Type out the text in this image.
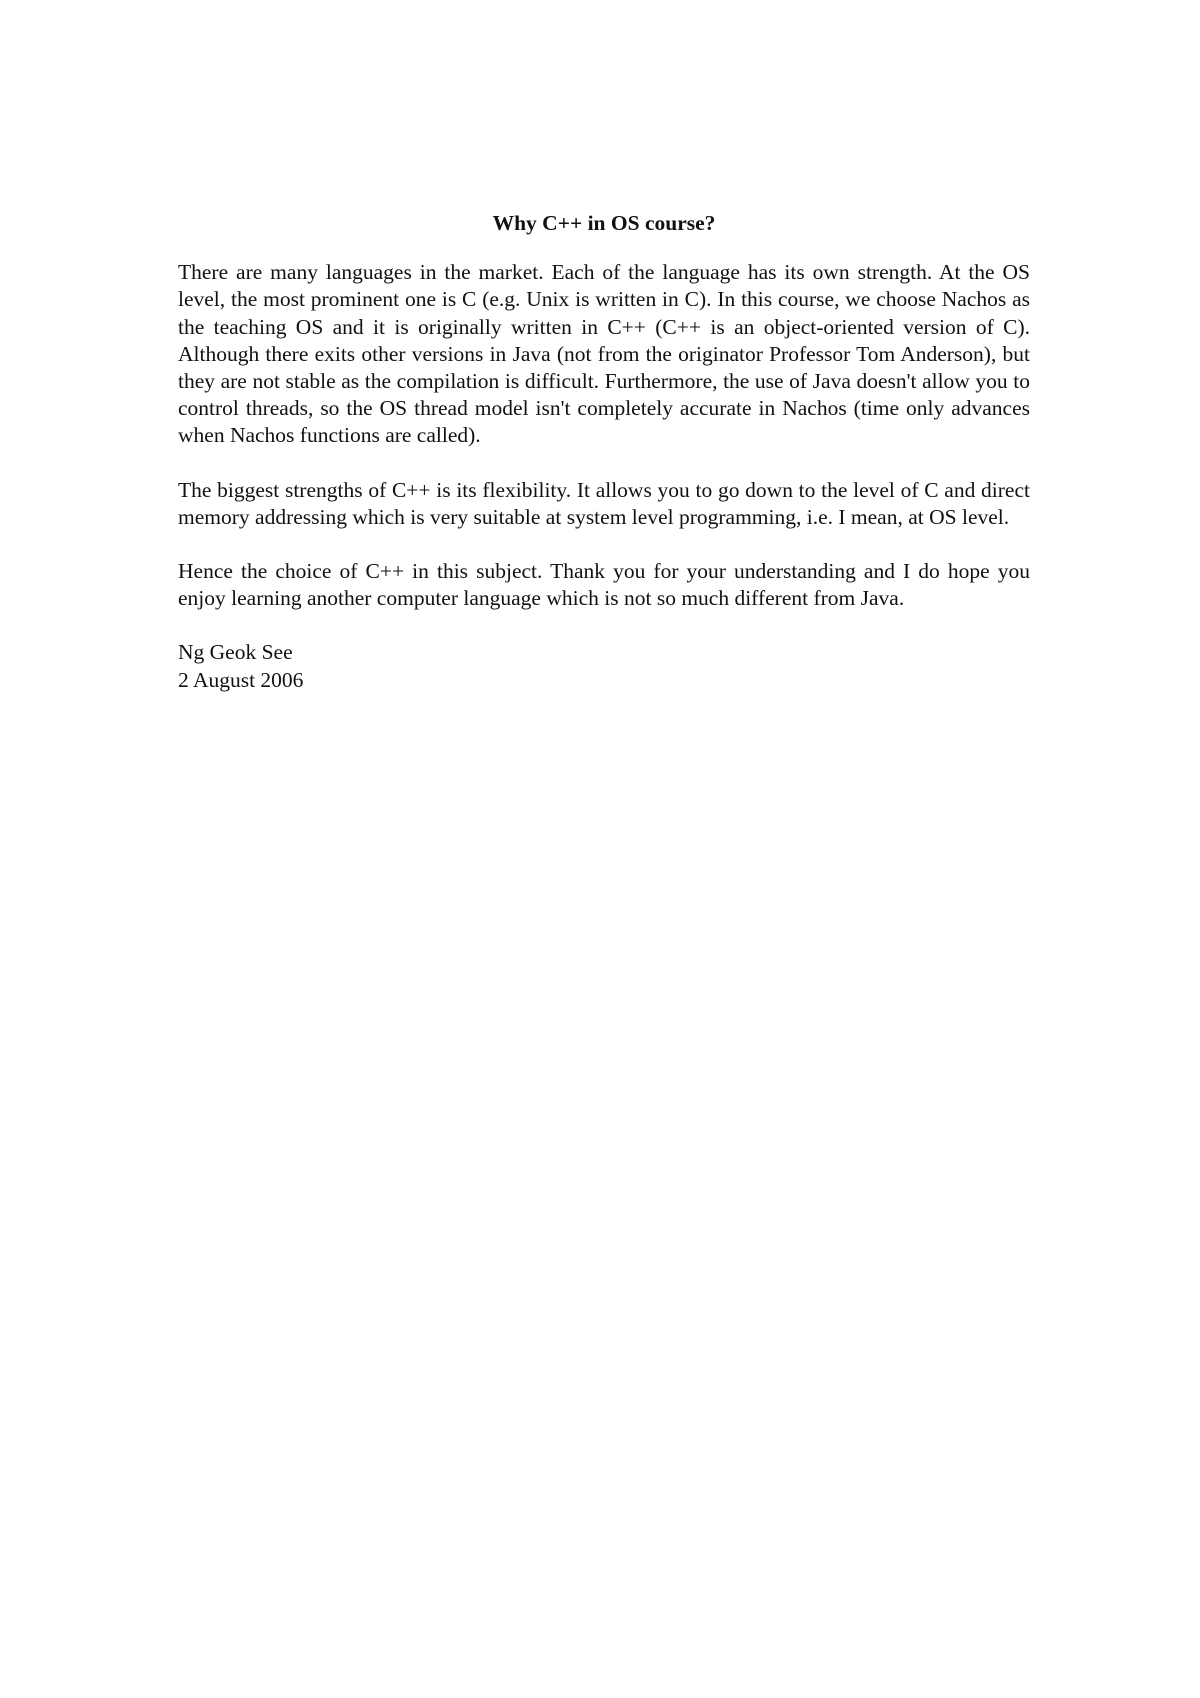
Why C++ in OS course?

There are many languages in the market. Each of the language has its own strength. At the OS level, the most prominent one is C (e.g. Unix is written in C). In this course, we choose Nachos as the teaching OS and it is originally written in C++ (C++ is an object-oriented version of C). Although there exits other versions in Java (not from the originator Professor Tom Anderson), but they are not stable as the compilation is difficult. Furthermore, the use of Java doesn't allow you to control threads, so the OS thread model isn't completely accurate in Nachos (time only advances when Nachos functions are called).

The biggest strengths of C++ is its flexibility. It allows you to go down to the level of C and direct memory addressing which is very suitable at system level programming, i.e. I mean, at OS level.

Hence the choice of C++ in this subject. Thank you for your understanding and I do hope you enjoy learning another computer language which is not so much different from Java.

Ng Geok See

2 August 2006
